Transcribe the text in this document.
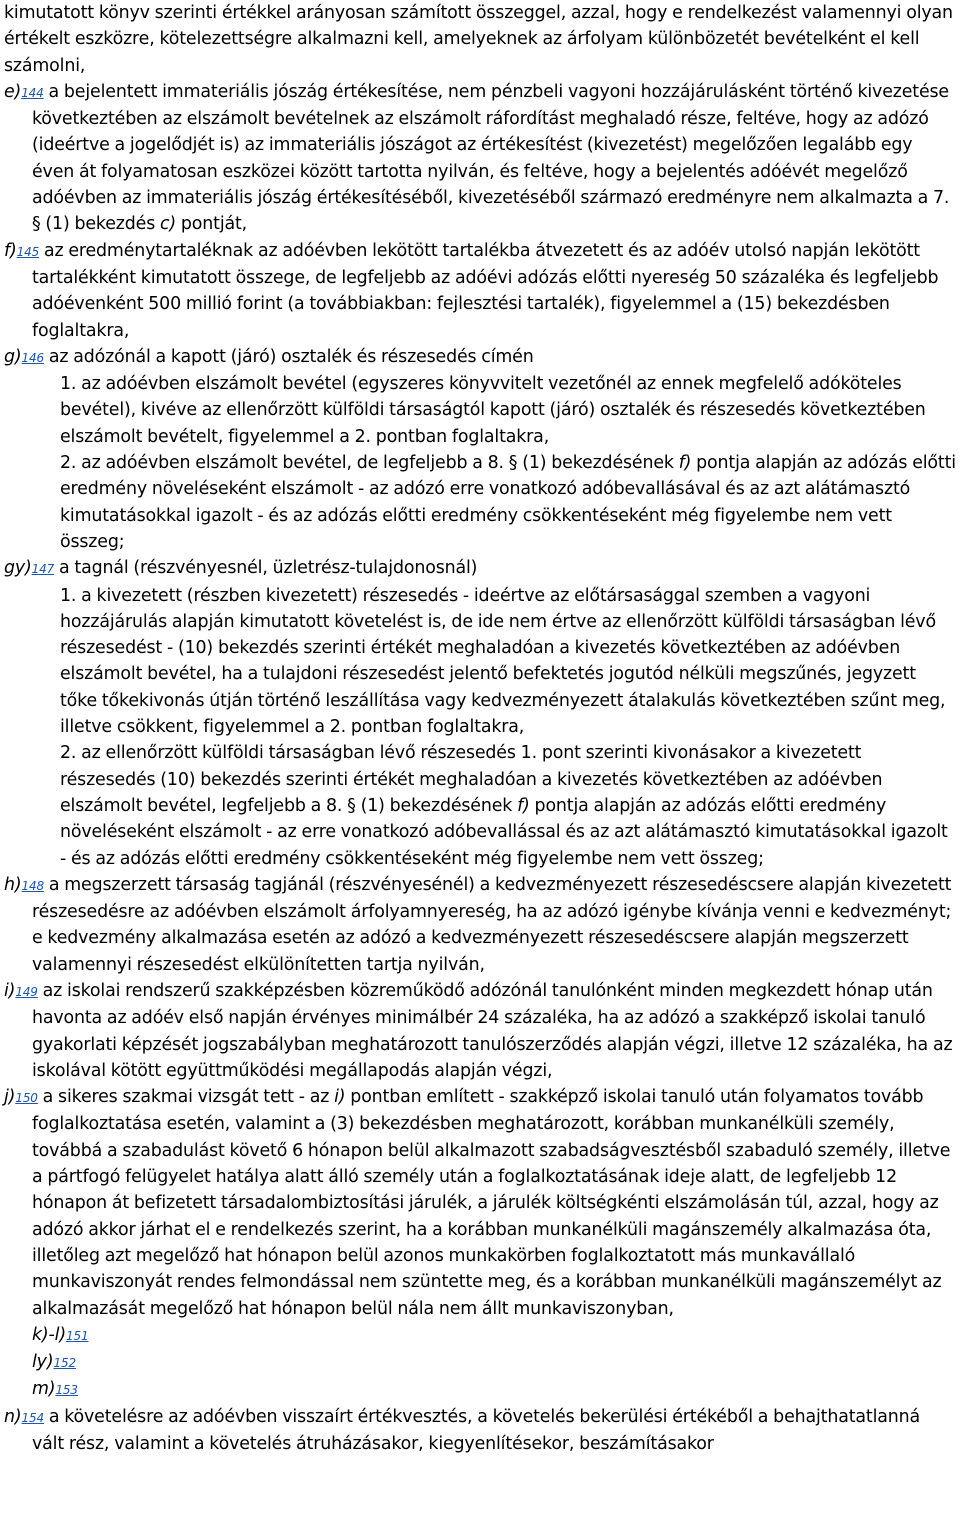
kimutatott könyv szerinti értékkel arányosan számított összeggel, azzal, hogy e rendelkezést valamennyi olyan értékelt eszközre, kötelezettségre alkalmazni kell, amelyeknek az árfolyam különbözetét bevételként el kell számolni,

e)144 a bejelentett immateriális jószág értékesítése, nem pénzbeli vagyoni hozzájárulásként történő kivezetése következtében az elszámolt bevételnek az elszámolt ráfordítást meghaladó része, feltéve, hogy az adózó (ideértve a jogelődjét is) az immateriális jószágot az értékesítést (kivezetést) megelőzően legalább egy éven át folyamatosan eszközei között tartotta nyilván, és feltéve, hogy a bejelentés adóévét megelőző adóévben az immateriális jószág értékesítéséből, kivezetéséből származó eredményre nem alkalmazta a 7. § (1) bekezdés c) pontját,

f)145 az eredménytartaléknak az adóévben lekötött tartalékba átvezetett és az adóév utolsó napján lekötött tartalékként kimutatott összege, de legfeljebb az adóévi adózás előtti nyereség 50 százaléka és legfeljebb adóévenként 500 millió forint (a továbbiakban: fejlesztési tartalék), figyelemmel a (15) bekezdésben foglaltakra,

g)146 az adózónál a kapott (járó) osztalék és részesedés címén

1. az adóévben elszámolt bevétel (egyszeres könyvvitelt vezetőnél az ennek megfelelő adóköteles bevétel), kivéve az ellenőrzött külföldi társaságtól kapott (járó) osztalék és részesedés következtében elszámolt bevételt, figyelemmel a 2. pontban foglaltakra,

2. az adóévben elszámolt bevétel, de legfeljebb a 8. § (1) bekezdésének f) pontja alapján az adózás előtti eredmény növeléseként elszámolt - az adózó erre vonatkozó adóbevallásával és az azt alátámasztó kimutatásokkal igazolt - és az adózás előtti eredmény csökkentéseként még figyelembe nem vett összeg;

gy)147 a tagnál (részvényesnél, üzletrész-tulajdonosnál)

1. a kivezetett (részben kivezetett) részesedés - ideértve az előtársasággal szemben a vagyoni hozzájárulás alapján kimutatott követelést is, de ide nem értve az ellenőrzött külföldi társaságban lévő részesedést - (10) bekezdés szerinti értékét meghaladóan a kivezetés következtében az adóévben elszámolt bevétel, ha a tulajdoni részesedést jelentő befektetés jogutód nélküli megszűnés, jegyzett tőke tőkekivonás útján történő leszállítása vagy kedvezményezett átalakulás következtében szűnt meg, illetve csökkent, figyelemmel a 2. pontban foglaltakra,

2. az ellenőrzött külföldi társaságban lévő részesedés 1. pont szerinti kivonásakor a kivezetett részesedés (10) bekezdés szerinti értékét meghaladóan a kivezetés következtében az adóévben elszámolt bevétel, legfeljebb a 8. § (1) bekezdésének f) pontja alapján az adózás előtti eredmény növeléseként elszámolt - az erre vonatkozó adóbevallással és az azt alátámasztó kimutatásokkal igazolt - és az adózás előtti eredmény csökkentéseként még figyelembe nem vett összeg;

h)148 a megszerzett társaság tagjánál (részvényesénél) a kedvezményezett részesedéscsere alapján kivezetett részesedésre az adóévben elszámolt árfolyamnyereség, ha az adózó igénybe kívánja venni e kedvezményt; e kedvezmény alkalmazása esetén az adózó a kedvezményezett részesedéscsere alapján megszerzett valamennyi részesedést elkülönítetten tartja nyilván,

i)149 az iskolai rendszerű szakképzésben közreműködő adózónál tanulónként minden megkezdett hónap után havonta az adóév első napján érvényes minimálbér 24 százaléka, ha az adózó a szakképző iskolai tanuló gyakorlati képzését jogszabályban meghatározott tanulószerződés alapján végzi, illetve 12 százaléka, ha az iskolával kötött együttműködési megállapodás alapján végzi,

j)150 a sikeres szakmai vizsgát tett - az i) pontban említett - szakképző iskolai tanuló után folyamatos tovább foglalkoztatása esetén, valamint a (3) bekezdésben meghatározott, korábban munkanélküli személy, továbbá a szabadulást követő 6 hónapon belül alkalmazott szabadságvesztésből szabaduló személy, illetve a pártfogó felügyelet hatálya alatt álló személy után a foglalkoztatásának ideje alatt, de legfeljebb 12 hónapon át befizetett társadalombiztosítási járulék, a járulék költségkénti elszámolásán túl, azzal, hogy az adózó akkor járhat el e rendelkezés szerint, ha a korábban munkanélküli magánszemély alkalmazása óta, illetőleg azt megelőző hat hónapon belül azonos munkakörben foglalkoztatott más munkavállaló munkaviszonyát rendes felmondással nem szüntette meg, és a korábban munkanélküli magánszemélyt az alkalmazását megelőző hat hónapon belül nála nem állt munkaviszonyban,

k)-l)151

ly)152

m)153

n)154 a követelésre az adóévben visszaírt értékvesztés, a követelés bekerülési értékéből a behajthatatlanná vált rész, valamint a követelés átruházásakor, kiegyenlítésekor, beszámításakor
